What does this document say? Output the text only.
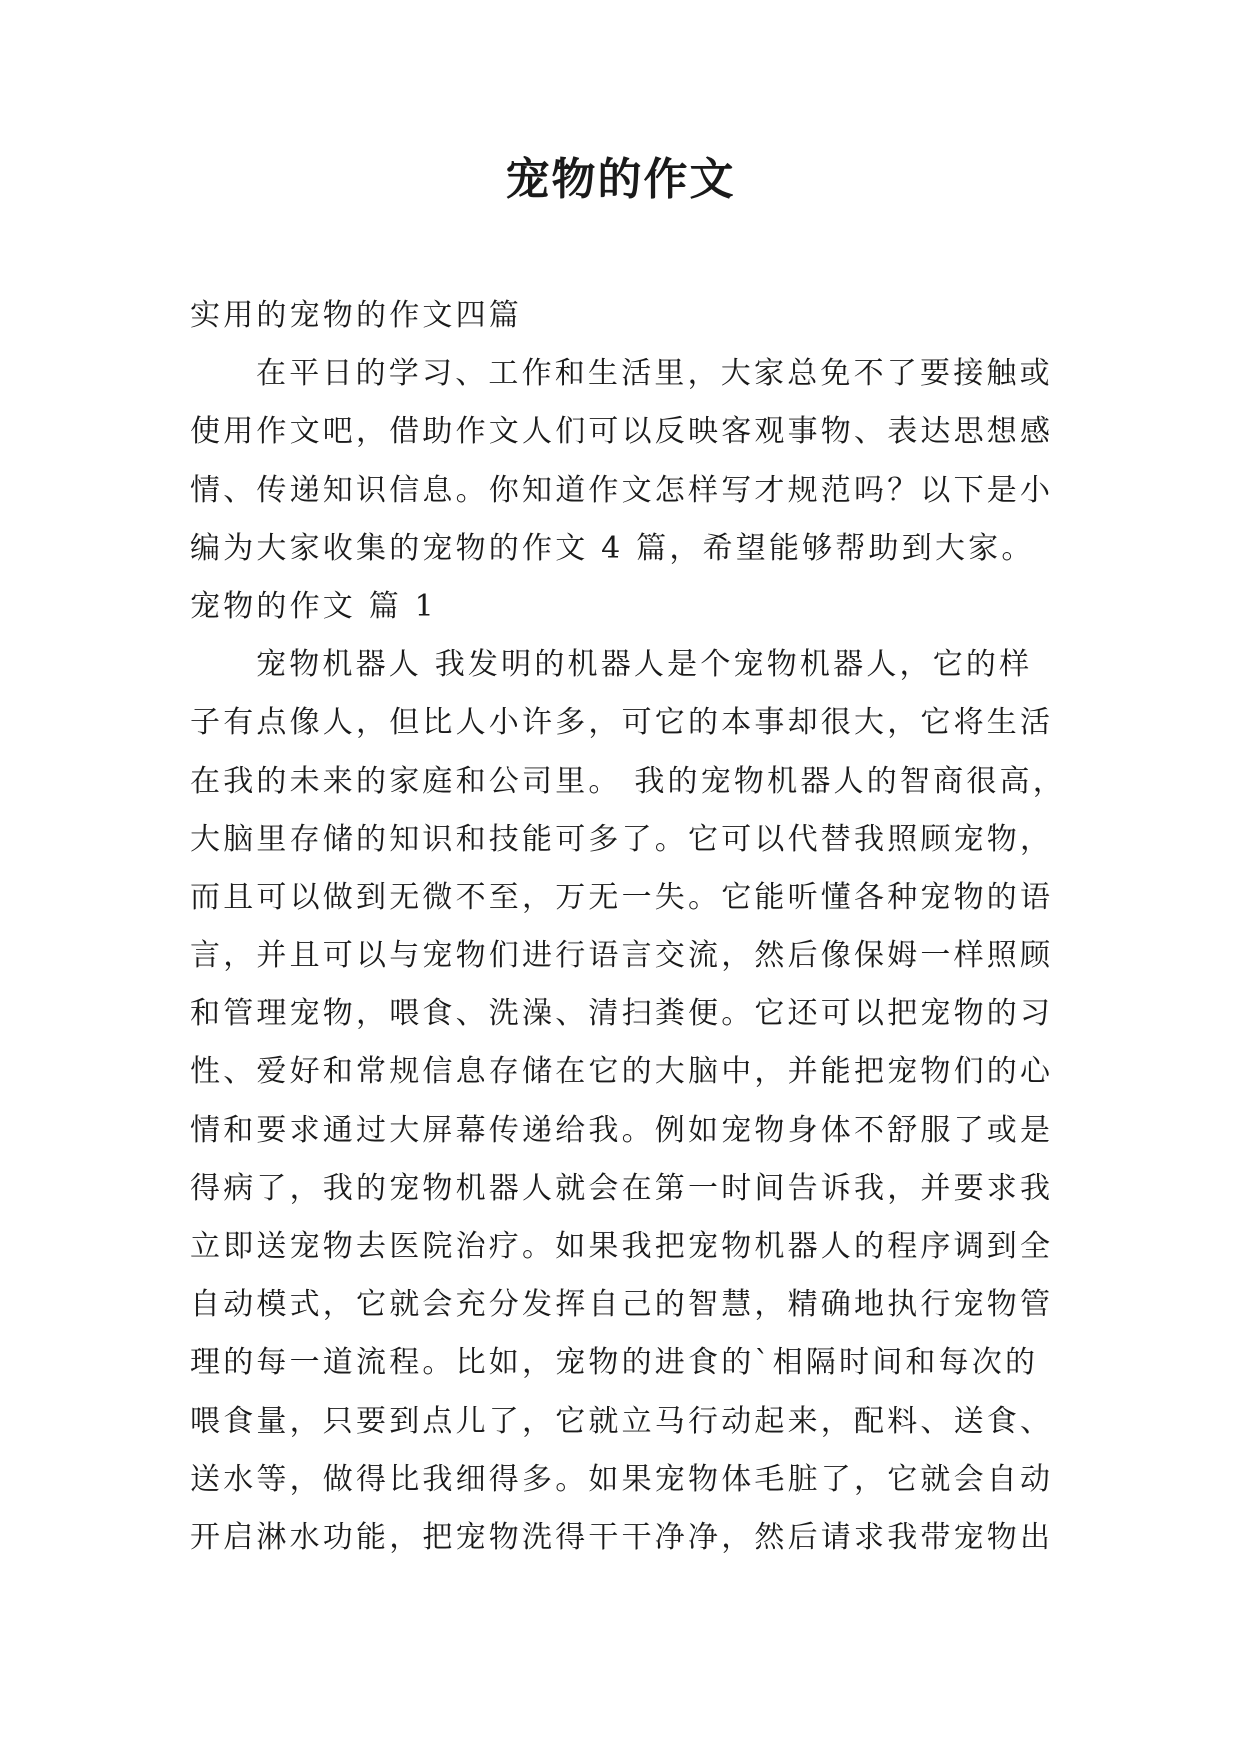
宠物的作文
实用的宠物的作文四篇
在平日的学习、工作和生活里，大家总免不了要接触或
使用作文吧，借助作文人们可以反映客观事物、表达思想感
情、传递知识信息。你知道作文怎样写才规范吗？以下是小
编为大家收集的宠物的作文 4 篇，希望能够帮助到大家。
宠物的作文 篇 1
宠物机器人 我发明的机器人是个宠物机器人，它的样
子有点像人，但比人小许多，可它的本事却很大，它将生活
在我的未来的家庭和公司里。 我的宠物机器人的智商很高，
大脑里存储的知识和技能可多了。它可以代替我照顾宠物，
而且可以做到无微不至，万无一失。它能听懂各种宠物的语
言，并且可以与宠物们进行语言交流，然后像保姆一样照顾
和管理宠物，喂食、洗澡、清扫粪便。它还可以把宠物的习
性、爱好和常规信息存储在它的大脑中，并能把宠物们的心
情和要求通过大屏幕传递给我。例如宠物身体不舒服了或是
得病了，我的宠物机器人就会在第一时间告诉我，并要求我
立即送宠物去医院治疗。如果我把宠物机器人的程序调到全
自动模式，它就会充分发挥自己的智慧，精确地执行宠物管
理的每一道流程。比如，宠物的进食的`相隔时间和每次的
喂食量，只要到点儿了，它就立马行动起来，配料、送食、
送水等，做得比我细得多。如果宠物体毛脏了，它就会自动
开启淋水功能，把宠物洗得干干净净，然后请求我带宠物出
